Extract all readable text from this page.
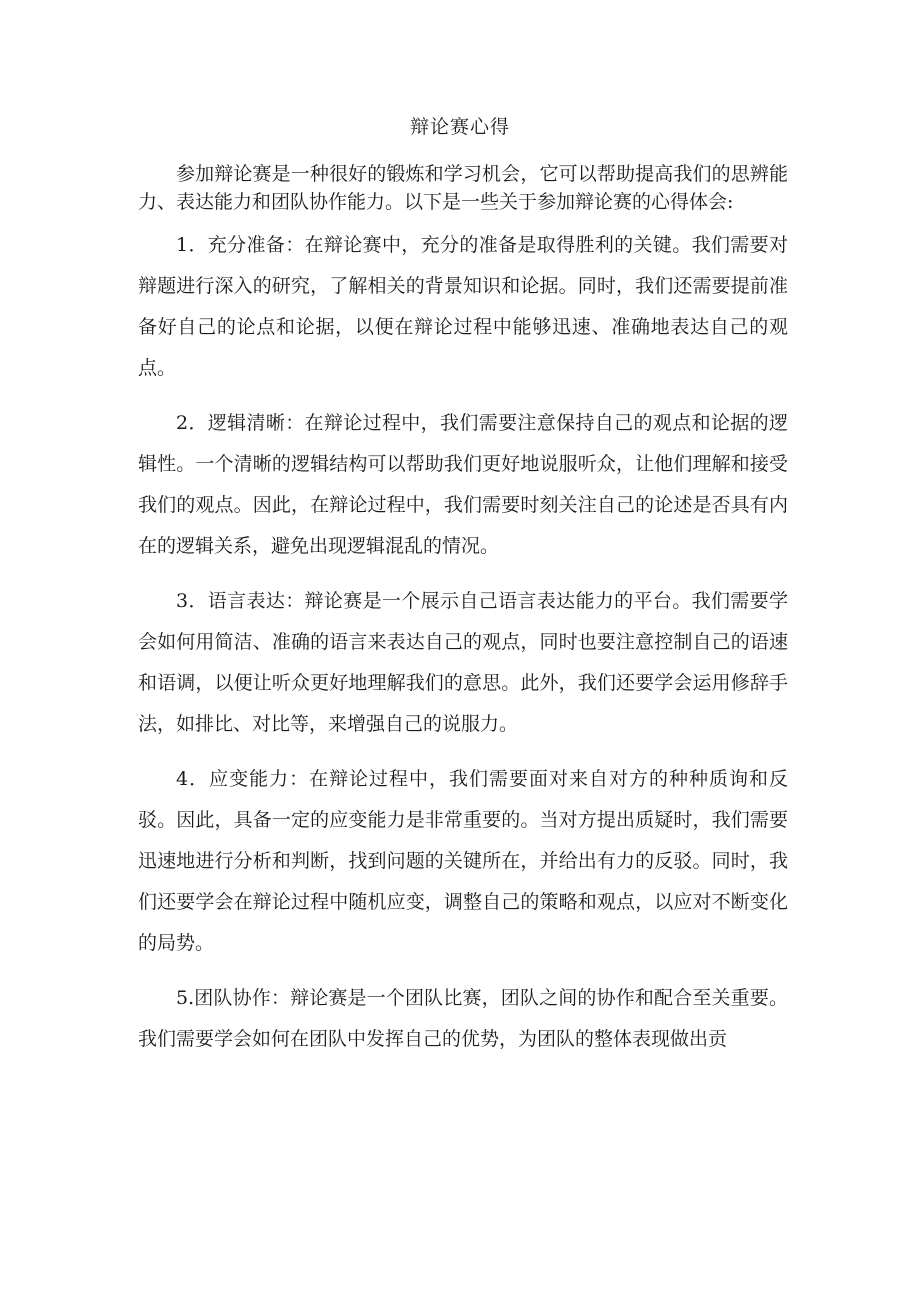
辩论赛心得

参加辩论赛是一种很好的锻炼和学习机会，它可以帮助提高我们的思辨能力、表达能力和团队协作能力。以下是一些关于参加辩论赛的心得体会:

1．充分准备：在辩论赛中，充分的准备是取得胜利的关键。我们需要对辩题进行深入的研究，了解相关的背景知识和论据。同时，我们还需要提前准备好自己的论点和论据，以便在辩论过程中能够迅速、准确地表达自己的观点。

2．逻辑清晰：在辩论过程中，我们需要注意保持自己的观点和论据的逻辑性。一个清晰的逻辑结构可以帮助我们更好地说服听众，让他们理解和接受我们的观点。因此，在辩论过程中，我们需要时刻关注自己的论述是否具有内在的逻辑关系，避免出现逻辑混乱的情况。

3．语言表达：辩论赛是一个展示自己语言表达能力的平台。我们需要学会如何用简洁、准确的语言来表达自己的观点，同时也要注意控制自己的语速和语调，以便让听众更好地理解我们的意思。此外，我们还要学会运用修辞手法，如排比、对比等，来增强自己的说服力。

4．应变能力：在辩论过程中，我们需要面对来自对方的种种质询和反驳。因此，具备一定的应变能力是非常重要的。当对方提出质疑时，我们需要迅速地进行分析和判断，找到问题的关键所在，并给出有力的反驳。同时，我们还要学会在辩论过程中随机应变，调整自己的策略和观点，以应对不断变化的局势。

5.团队协作：辩论赛是一个团队比赛，团队之间的协作和配合至关重要。我们需要学会如何在团队中发挥自己的优势，为团队的整体表现做出贡
